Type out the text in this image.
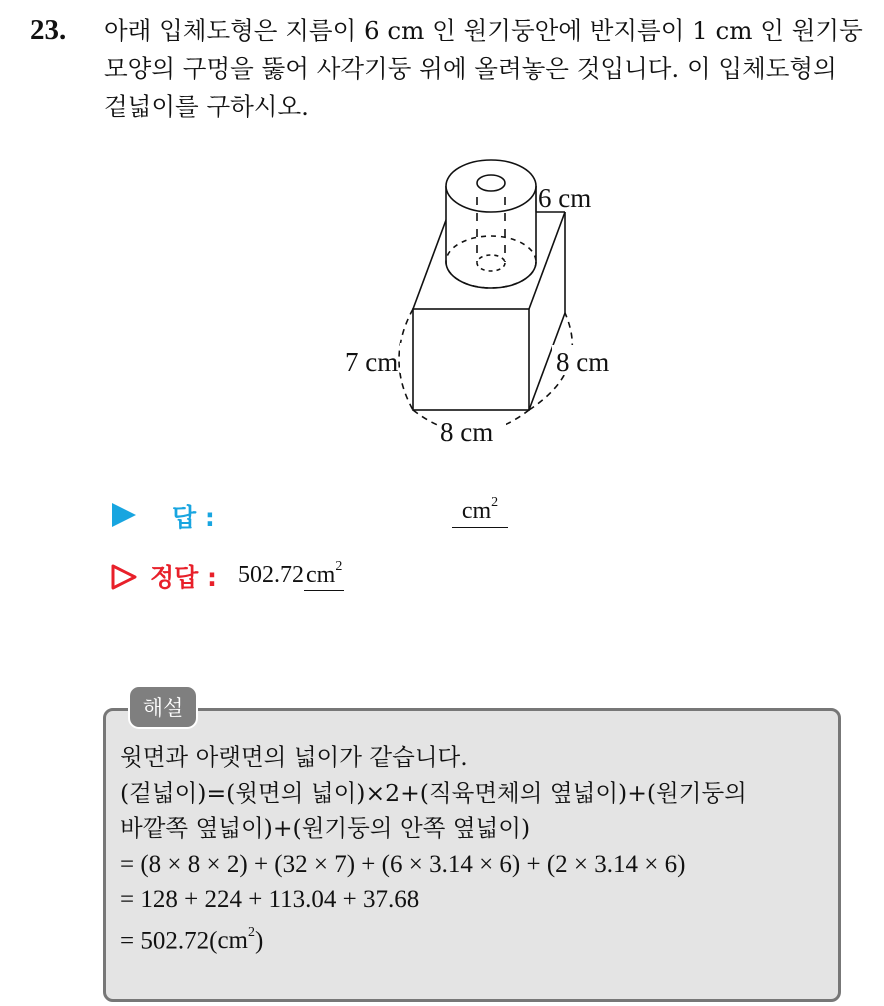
23. 아래 입체도형은 지름이 6 cm 인 원기둥안에 반지름이 1 cm 인 원기둥
모양의 구멍을 뚫어 사각기둥 위에 올려놓은 것입니다. 이 입체도형의
겉넓이를 구하시오.
6 cm
7 cm	8 cm
8 cm
답 :	$cm^2$
정답 : $502.72cm^2$
해설
윗면과 아랫면의 넓이가 같습니다.
(겉넓이)=(윗면의 넓이)×2+(직육면체의 옆넓이)+(원기둥의
바깥쪽 옆넓이)+(원기둥의 안쪽 옆넓이)
= (8 × 8 × 2) + (32 × 7) + (6 × 3.14 × 6) + (2 × 3.14 × 6)
= 128 + 224 + 113.04 + 37.68
= $502.72(cm^2)$
